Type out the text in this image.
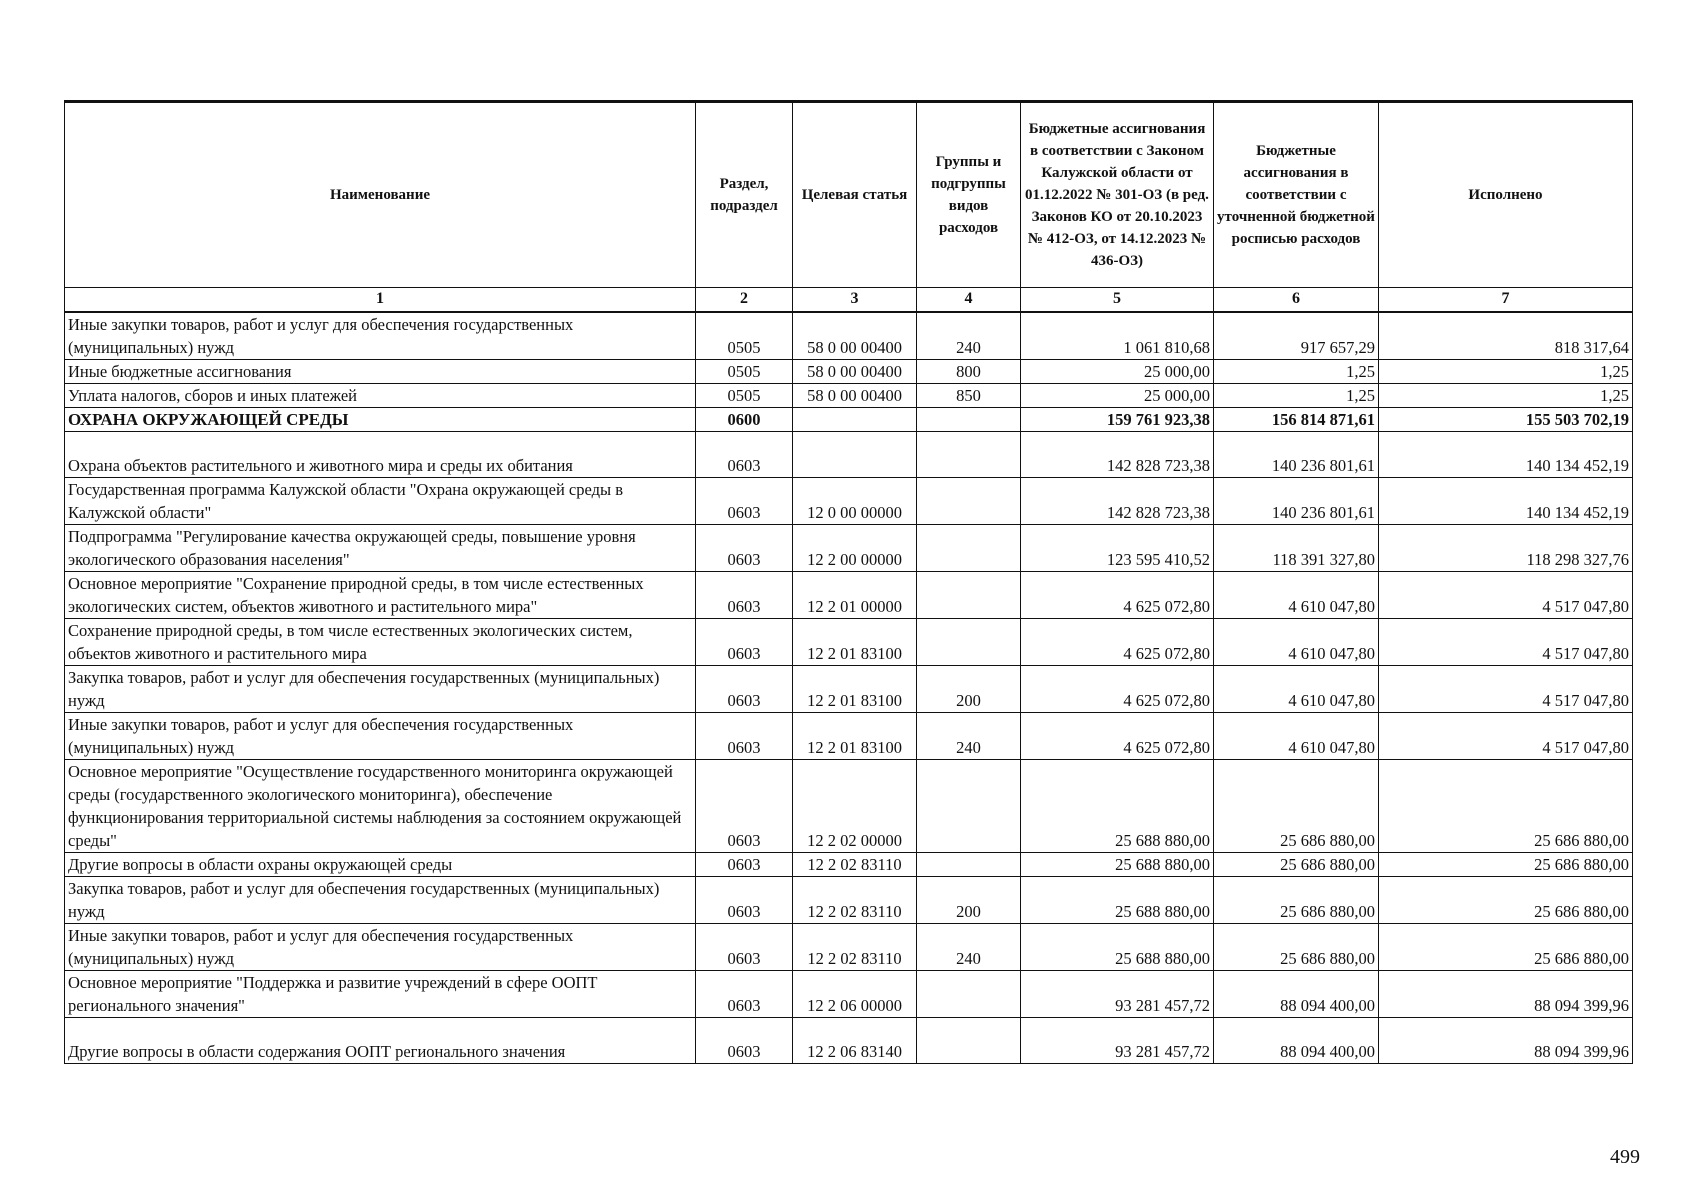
Наименование	Раздел, подраздел	Целевая статья	Группы и подгруппы видов расходов	Бюджетные ассигнования в соответствии с Законом Калужской области от 01.12.2022 № 301-ОЗ (в ред. Законов КО от 20.10.2023 № 412-ОЗ, от 14.12.2023 № 436-ОЗ)	Бюджетные ассигнования в соответствии с уточненной бюджетной росписью расходов	Исполнено
1	2	3	4	5	6	7
Иные закупки товаров, работ и услуг для обеспечения государственных (муниципальных) нужд	0505	58 0 00 00400	240	1 061 810,68	917 657,29	818 317,64
Иные бюджетные ассигнования	0505	58 0 00 00400	800	25 000,00	1,25	1,25
Уплата налогов, сборов и иных платежей	0505	58 0 00 00400	850	25 000,00	1,25	1,25
ОХРАНА ОКРУЖАЮЩЕЙ СРЕДЫ	0600			159 761 923,38	156 814 871,61	155 503 702,19
Охрана объектов растительного и животного мира и среды их обитания	0603			142 828 723,38	140 236 801,61	140 134 452,19
Государственная программа Калужской области "Охрана окружающей среды в Калужской области"	0603	12 0 00 00000		142 828 723,38	140 236 801,61	140 134 452,19
Подпрограмма "Регулирование качества окружающей среды, повышение уровня экологического образования населения"	0603	12 2 00 00000		123 595 410,52	118 391 327,80	118 298 327,76
Основное мероприятие "Сохранение природной среды, в том числе естественных экологических систем, объектов животного и растительного мира"	0603	12 2 01 00000		4 625 072,80	4 610 047,80	4 517 047,80
Сохранение природной среды, в том числе естественных экологических систем, объектов животного и растительного мира	0603	12 2 01 83100		4 625 072,80	4 610 047,80	4 517 047,80
Закупка товаров, работ и услуг для обеспечения государственных (муниципальных) нужд	0603	12 2 01 83100	200	4 625 072,80	4 610 047,80	4 517 047,80
Иные закупки товаров, работ и услуг для обеспечения государственных (муниципальных) нужд	0603	12 2 01 83100	240	4 625 072,80	4 610 047,80	4 517 047,80
Основное мероприятие "Осуществление государственного мониторинга окружающей среды (государственного экологического мониторинга), обеспечение функционирования территориальной системы наблюдения за состоянием окружающей среды"	0603	12 2 02 00000		25 688 880,00	25 686 880,00	25 686 880,00
Другие вопросы в области охраны окружающей среды	0603	12 2 02 83110		25 688 880,00	25 686 880,00	25 686 880,00
Закупка товаров, работ и услуг для обеспечения государственных (муниципальных) нужд	0603	12 2 02 83110	200	25 688 880,00	25 686 880,00	25 686 880,00
Иные закупки товаров, работ и услуг для обеспечения государственных (муниципальных) нужд	0603	12 2 02 83110	240	25 688 880,00	25 686 880,00	25 686 880,00
Основное мероприятие "Поддержка и развитие учреждений в сфере ООПТ регионального значения"	0603	12 2 06 00000		93 281 457,72	88 094 400,00	88 094 399,96
Другие вопросы в области содержания ООПТ регионального значения	0603	12 2 06 83140		93 281 457,72	88 094 400,00	88 094 399,96
499
